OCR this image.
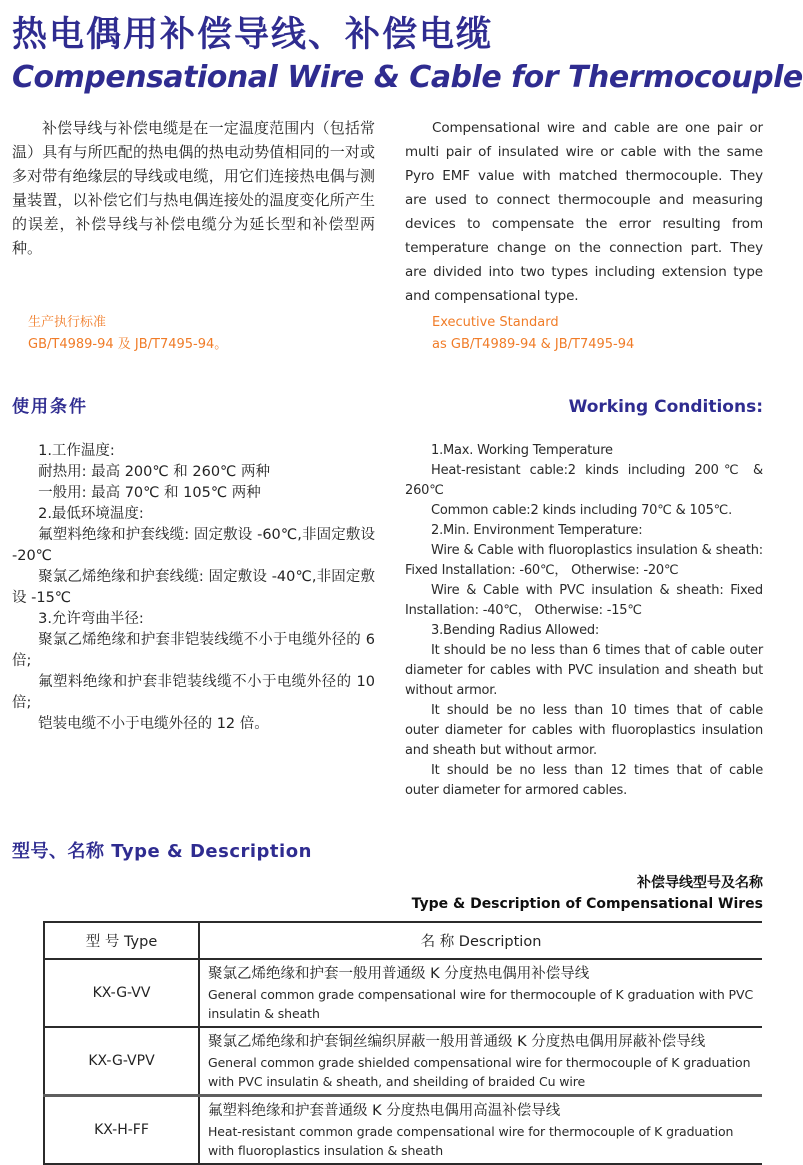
热电偶用补偿导线、补偿电缆
Compensational Wire & Cable for Thermocouple

补偿导线与补偿电缆是在一定温度范围内（包括常温）具有与所匹配的热电偶的热电动势值相同的一对或多对带有绝缘层的导线或电缆，用它们连接热电偶与测量装置，以补偿它们与热电偶连接处的温度变化所产生的误差，补偿导线与补偿电缆分为延长型和补偿型两种。

Compensational wire and cable are one pair or multi pair of insulated wire or cable with the same Pyro EMF value with matched thermocouple. They are used to connect thermocouple and measuring devices to compensate the error resulting from temperature change on the connection part. They are divided into two types including extension type and compensational type.

生产执行标准

GB/T4989-94 及 JB/T7495-94。

Executive Standard

as GB/T4989-94 & JB/T7495-94

使用条件	Working Conditions:

1.工作温度:

耐热用: 最高 200℃ 和 260℃ 两种

一般用: 最高 70℃ 和 105℃ 两种

2.最低环境温度:

氟塑料绝缘和护套线缆: 固定敷设 -60℃,非固定敷设 -20℃

聚氯乙烯绝缘和护套线缆: 固定敷设 -40℃,非固定敷设 -15℃

3.允许弯曲半径:

聚氯乙烯绝缘和护套非铠装线缆不小于电缆外径的 6 倍;

氟塑料绝缘和护套非铠装线缆不小于电缆外径的 10 倍;

铠装电缆不小于电缆外径的 12 倍。

1.Max. Working Temperature

Heat-resistant cable:2 kinds including 200℃ & 260℃

Common cable:2 kinds including 70℃ & 105℃.

2.Min. Environment Temperature:

Wire & Cable with fluoroplastics insulation & sheath: Fixed Installation: -60℃， Otherwise: -20℃

Wire & Cable with PVC insulation & sheath: Fixed Installation: -40℃， Otherwise: -15℃

3.Bending Radius Allowed:

It should be no less than 6 times that of cable outer diameter for cables with PVC insulation and sheath but without armor.

It should be no less than 10 times that of cable outer diameter for cables with fluoroplastics insulation and sheath but without armor.

It should be no less than 12 times that of cable outer diameter for armored cables.

型号、名称 Type & Description

补偿导线型号及名称

Type & Description of Compensational Wires

型 号 Type	名 称 Description
KX-G-VV	聚氯乙烯绝缘和护套一般用普通级 K 分度热电偶用补偿导线

General common grade compensational wire for thermocouple of K graduation with PVC insulatin & sheath

KX-G-VPV	聚氯乙烯绝缘和护套铜丝编织屏蔽一般用普通级 K 分度热电偶用屏蔽补偿导线

General common grade shielded compensational wire for thermocouple of K graduation with PVC insulatin & sheath, and sheilding of braided Cu wire

KX-H-FF	氟塑料绝缘和护套普通级 K 分度热电偶用高温补偿导线

Heat-resistant common grade compensational wire for thermocouple of K graduation with fluoroplastics insulation & sheath
